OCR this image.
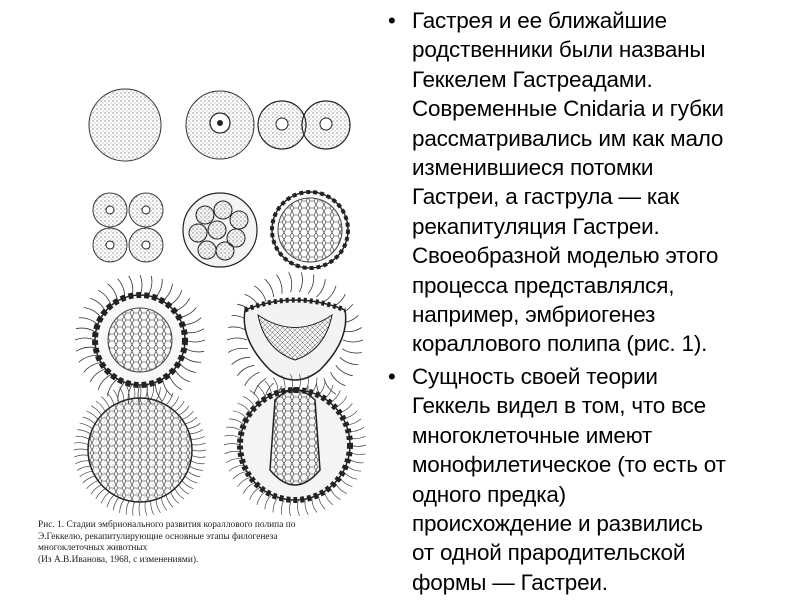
Рис. 1. Стадии эмбрионального развития кораллового полипа по
Э.Геккелю, рекапитулирующие основные этапы филогенеза
многоклеточных животных
(Из А.В.Иванова, 1968, с изменениями).
• Гастрея и ее ближайшие
родственники были названы
Геккелем Гастреадами.
Современные Cnidaria и губки
рассматривались им как мало
изменившиеся потомки
Гастреи, а гаструла — как
рекапитуляция Гастреи.
Своеобразной моделью этого
процесса представлялся,
например, эмбриогенез
кораллового полипа (рис. 1).
• Сущность своей теории
Геккель видел в том, что все
многоклеточные имеют
монофилетическое (то есть от
одного предка)
происхождение и развились
от одной прародительской
формы — Гастреи.
